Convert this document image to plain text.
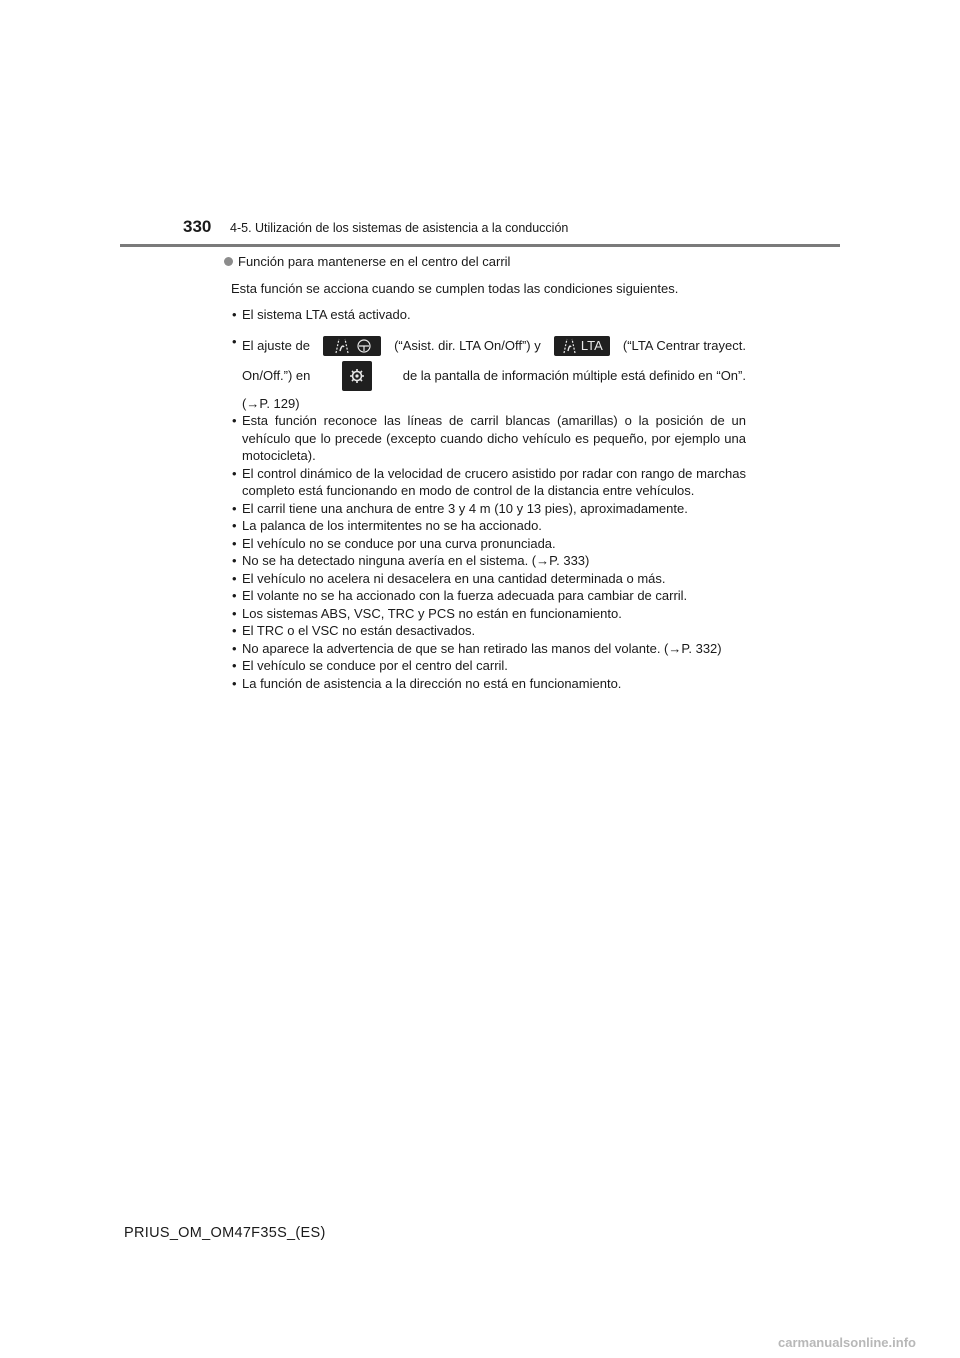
330 4-5. Utilización de los sistemas de asistencia a la conducción
Función para mantenerse en el centro del carril
Esta función se acciona cuando se cumplen todas las condiciones siguientes.
• El sistema LTA está activado.
• El ajuste de	(“Asist. dir. LTA On/Off”) y	LTA (“LTA Centrar trayect.
On/Off.”) en	de la pantalla de información múltiple está definido en “On”.
(→P. 129)
• Esta función reconoce las líneas de carril blancas (amarillas) o la posición de un vehículo que lo precede (excepto cuando dicho vehículo es pequeño, por ejemplo una motocicleta).
• El control dinámico de la velocidad de crucero asistido por radar con rango de marchas completo está funcionando en modo de control de la distancia entre vehículos.
• El carril tiene una anchura de entre 3 y 4 m (10 y 13 pies), aproximadamente.
• La palanca de los intermitentes no se ha accionado.
• El vehículo no se conduce por una curva pronunciada.
• No se ha detectado ninguna avería en el sistema. (→P. 333)
• El vehículo no acelera ni desacelera en una cantidad determinada o más.
• El volante no se ha accionado con la fuerza adecuada para cambiar de carril.
• Los sistemas ABS, VSC, TRC y PCS no están en funcionamiento.
• El TRC o el VSC no están desactivados.
• No aparece la advertencia de que se han retirado las manos del volante. (→P. 332)
• El vehículo se conduce por el centro del carril.
• La función de asistencia a la dirección no está en funcionamiento.
PRIUS_OM_OM47F35S_(ES)
carmanualsonline.info
